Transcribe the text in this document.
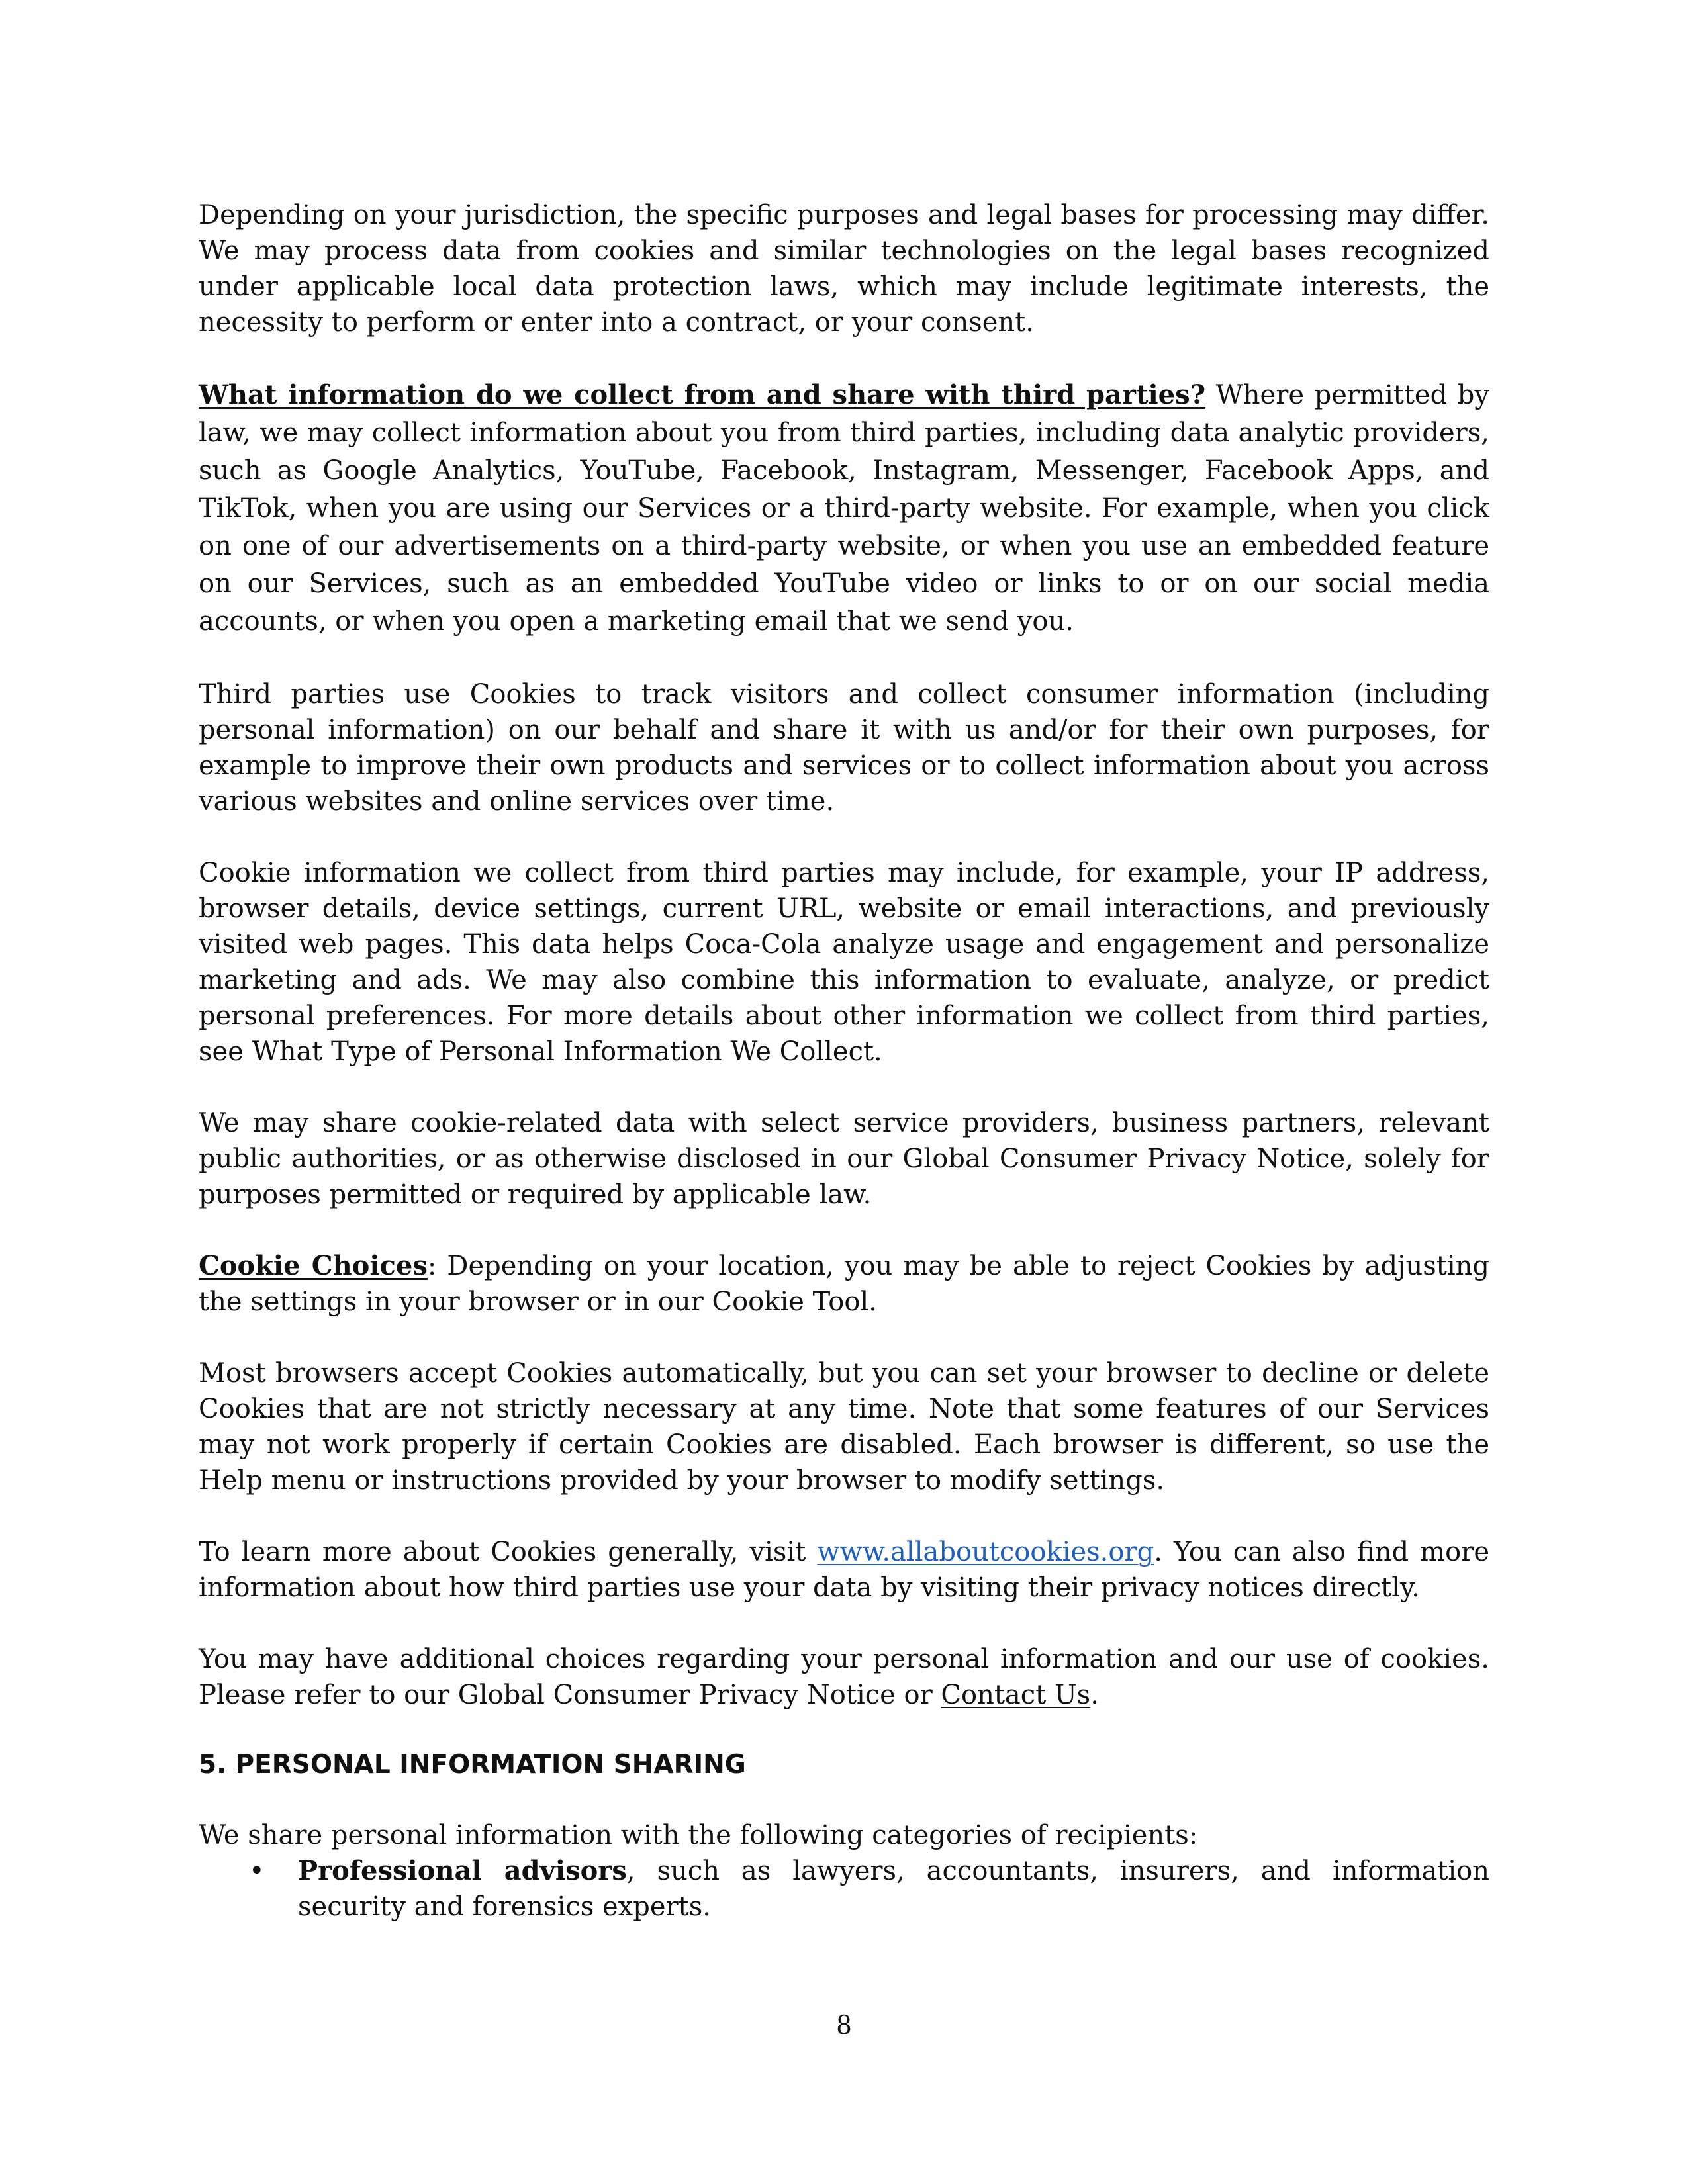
Depending on your jurisdiction, the specific purposes and legal bases for processing may differ. We may process data from cookies and similar technologies on the legal bases recognized under applicable local data protection laws, which may include legitimate interests, the necessity to perform or enter into a contract, or your consent.

What information do we collect from and share with third parties? Where permitted by law, we may collect information about you from third parties, including data analytic providers, such as Google Analytics, YouTube, Facebook, Instagram, Messenger, Facebook Apps, and TikTok, when you are using our Services or a third-party website. For example, when you click on one of our advertisements on a third-party website, or when you use an embedded feature on our Services, such as an embedded YouTube video or links to or on our social media accounts, or when you open a marketing email that we send you.

Third parties use Cookies to track visitors and collect consumer information (including personal information) on our behalf and share it with us and/or for their own purposes, for example to improve their own products and services or to collect information about you across various websites and online services over time.

Cookie information we collect from third parties may include, for example, your IP address, browser details, device settings, current URL, website or email interactions, and previously visited web pages. This data helps Coca-Cola analyze usage and engagement and personalize marketing and ads. We may also combine this information to evaluate, analyze, or predict personal preferences. For more details about other information we collect from third parties, see What Type of Personal Information We Collect.

We may share cookie-related data with select service providers, business partners, relevant public authorities, or as otherwise disclosed in our Global Consumer Privacy Notice, solely for purposes permitted or required by applicable law.

Cookie Choices: Depending on your location, you may be able to reject Cookies by adjusting the settings in your browser or in our Cookie Tool.

Most browsers accept Cookies automatically, but you can set your browser to decline or delete Cookies that are not strictly necessary at any time. Note that some features of our Services may not work properly if certain Cookies are disabled. Each browser is different, so use the Help menu or instructions provided by your browser to modify settings.

To learn more about Cookies generally, visit www.allaboutcookies.org. You can also find more information about how third parties use your data by visiting their privacy notices directly.

You may have additional choices regarding your personal information and our use of cookies. Please refer to our Global Consumer Privacy Notice or Contact Us.

5. PERSONAL INFORMATION SHARING

We share personal information with the following categories of recipients:

• Professional advisors, such as lawyers, accountants, insurers, and information security and forensics experts.
8
